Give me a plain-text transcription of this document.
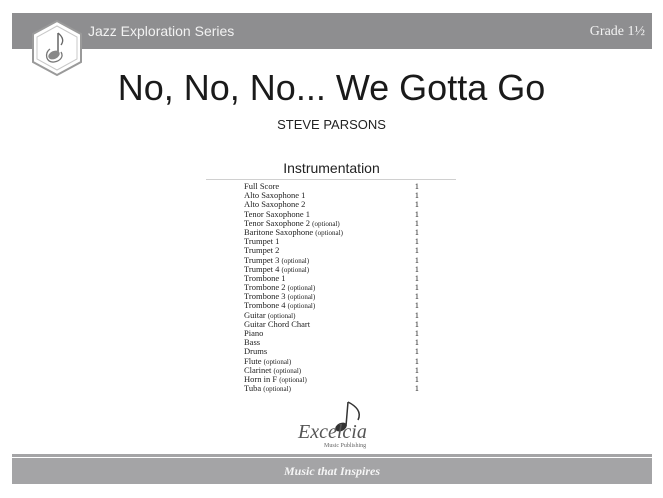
Jazz Exploration Series	Grade 1½
No, No, No... We Gotta Go
STEVE PARSONS
Instrumentation
Full Score	1
Alto Saxophone 1	1
Alto Saxophone 2	1
Tenor Saxophone 1	1
Tenor Saxophone 2 (optional)	1
Baritone Saxophone (optional)	1
Trumpet 1	1
Trumpet 2	1
Trumpet 3 (optional)	1
Trumpet 4 (optional)	1
Trombone 1	1
Trombone 2 (optional)	1
Trombone 3 (optional)	1
Trombone 4 (optional)	1
Guitar (optional)	1
Guitar Chord Chart	1
Piano	1
Bass	1
Drums	1
Flute (optional)	1
Clarinet (optional)	1
Horn in F (optional)	1
Tuba (optional)	1
Excelcia
Music Publishing
Music that Inspires
